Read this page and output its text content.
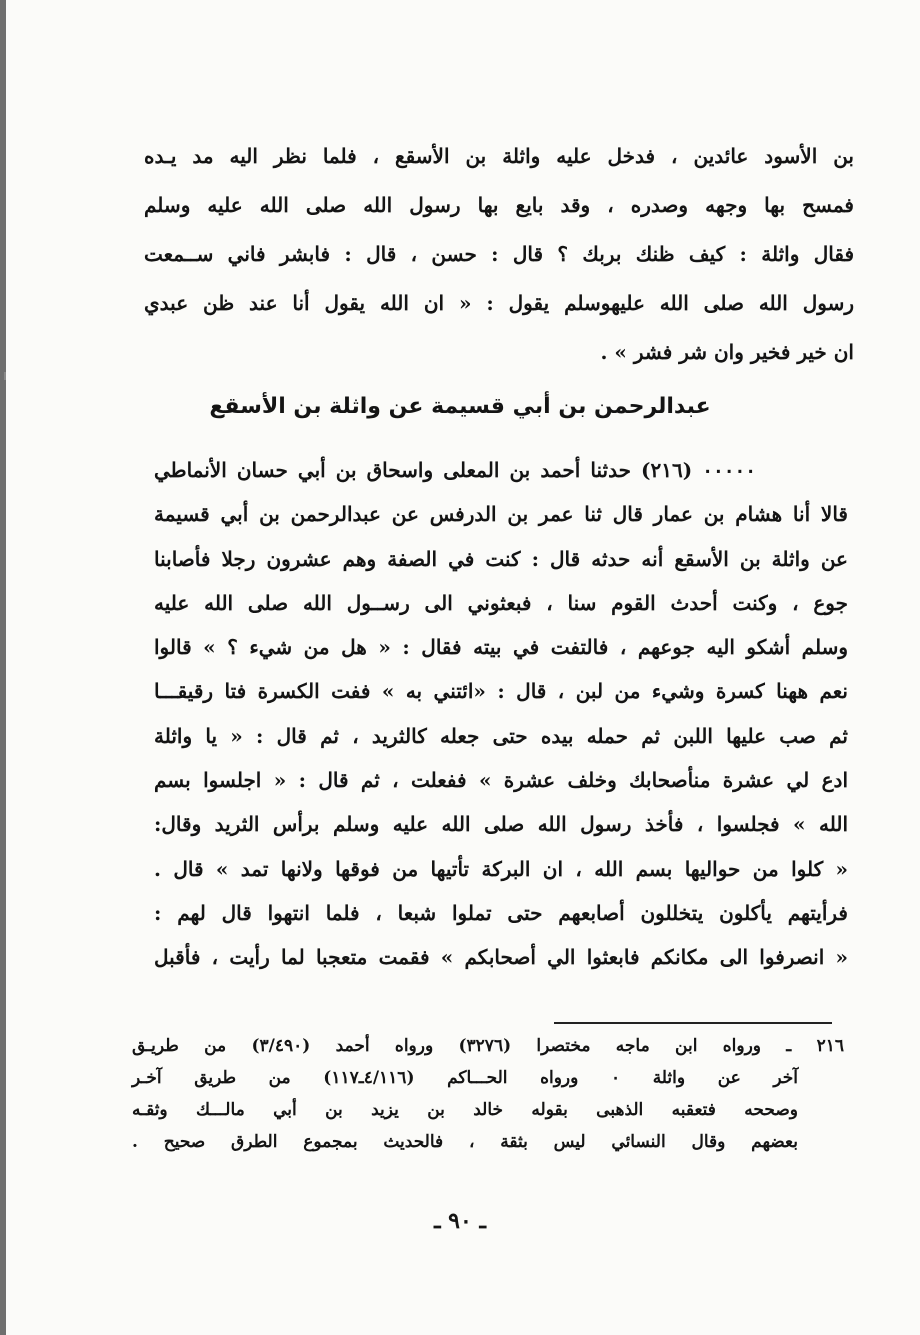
بن الأسود عائدين ، فدخل عليه واثلة بن الأسقع ، فلما نظر اليه مد يـده
فمسح بها وجهه وصدره ، وقد بايع بها رسول الله صلى الله عليه وسلم
فقال واثلة : كيف ظنك بربك ؟ قال : حسن ، قال : فابشر فاني ســمعت
رسول الله صلى الله عليهوسلم يقول : « ان الله يقول أنا عند ظن عبدي
ان خير فخير وان شر فشر » .
عبدالرحمن بن أبي قسيمة عن واثلة بن الأسقع
٠٠٠٠٠ (٢١٦) حدثنا أحمد بن المعلى واسحاق بن أبي حسان الأنماطي
قالا أنا هشام بن عمار قال ثنا عمر بن الدرفس عن عبدالرحمن بن أبي قسيمة
عن واثلة بن الأسقع أنه حدثه قال : كنت في الصفة وهم عشرون رجلا فأصابنا
جوع ، وكنت أحدث القوم سنا ، فبعثوني الى رســول الله صلى الله عليه
وسلم أشكو اليه جوعهم ، فالتفت في بيته فقال : « هل من شيء ؟ » قالوا
نعم ههنا كسرة وشيء من لبن ، قال : «ائتني به » ففت الكسرة فتا رقيقـــا
ثم صب عليها اللبن ثم حمله بيده حتى جعله كالثريد ، ثم قال : « يا واثلة
ادع لي عشرة منأصحابك وخلف عشرة » ففعلت ، ثم قال : « اجلسوا بسم
الله » فجلسوا ، فأخذ رسول الله صلى الله عليه وسلم برأس الثريد وقال:
« كلوا من حواليها بسم الله ، ان البركة تأتيها من فوقها ولانها تمد » قال .
فرأيتهم يأكلون يتخللون أصابعهم حتى تملوا شبعا ، فلما انتهوا قال لهم :
« انصرفوا الى مكانكم فابعثوا الي أصحابكم » فقمت متعجبا لما رأيت ، فأقبل
٢١٦ ـ ورواه ابن ماجه مختصرا (٣٢٧٦) ورواه أحمد (٣/٤٩٠) من طريـق
آخر عن واثلة ٠ ورواه الحـــاكم (٤/١١٦ـ١١٧) من طريق آخـر
وصححه فتعقبه الذهبى بقوله خالد بن يزيد بن أبي مالـــك وثقـه
بعضهم وقال النسائي ليس بثقة ، فالحديث بمجموع الطرق صحيح .
ـ ٩٠ ـ
